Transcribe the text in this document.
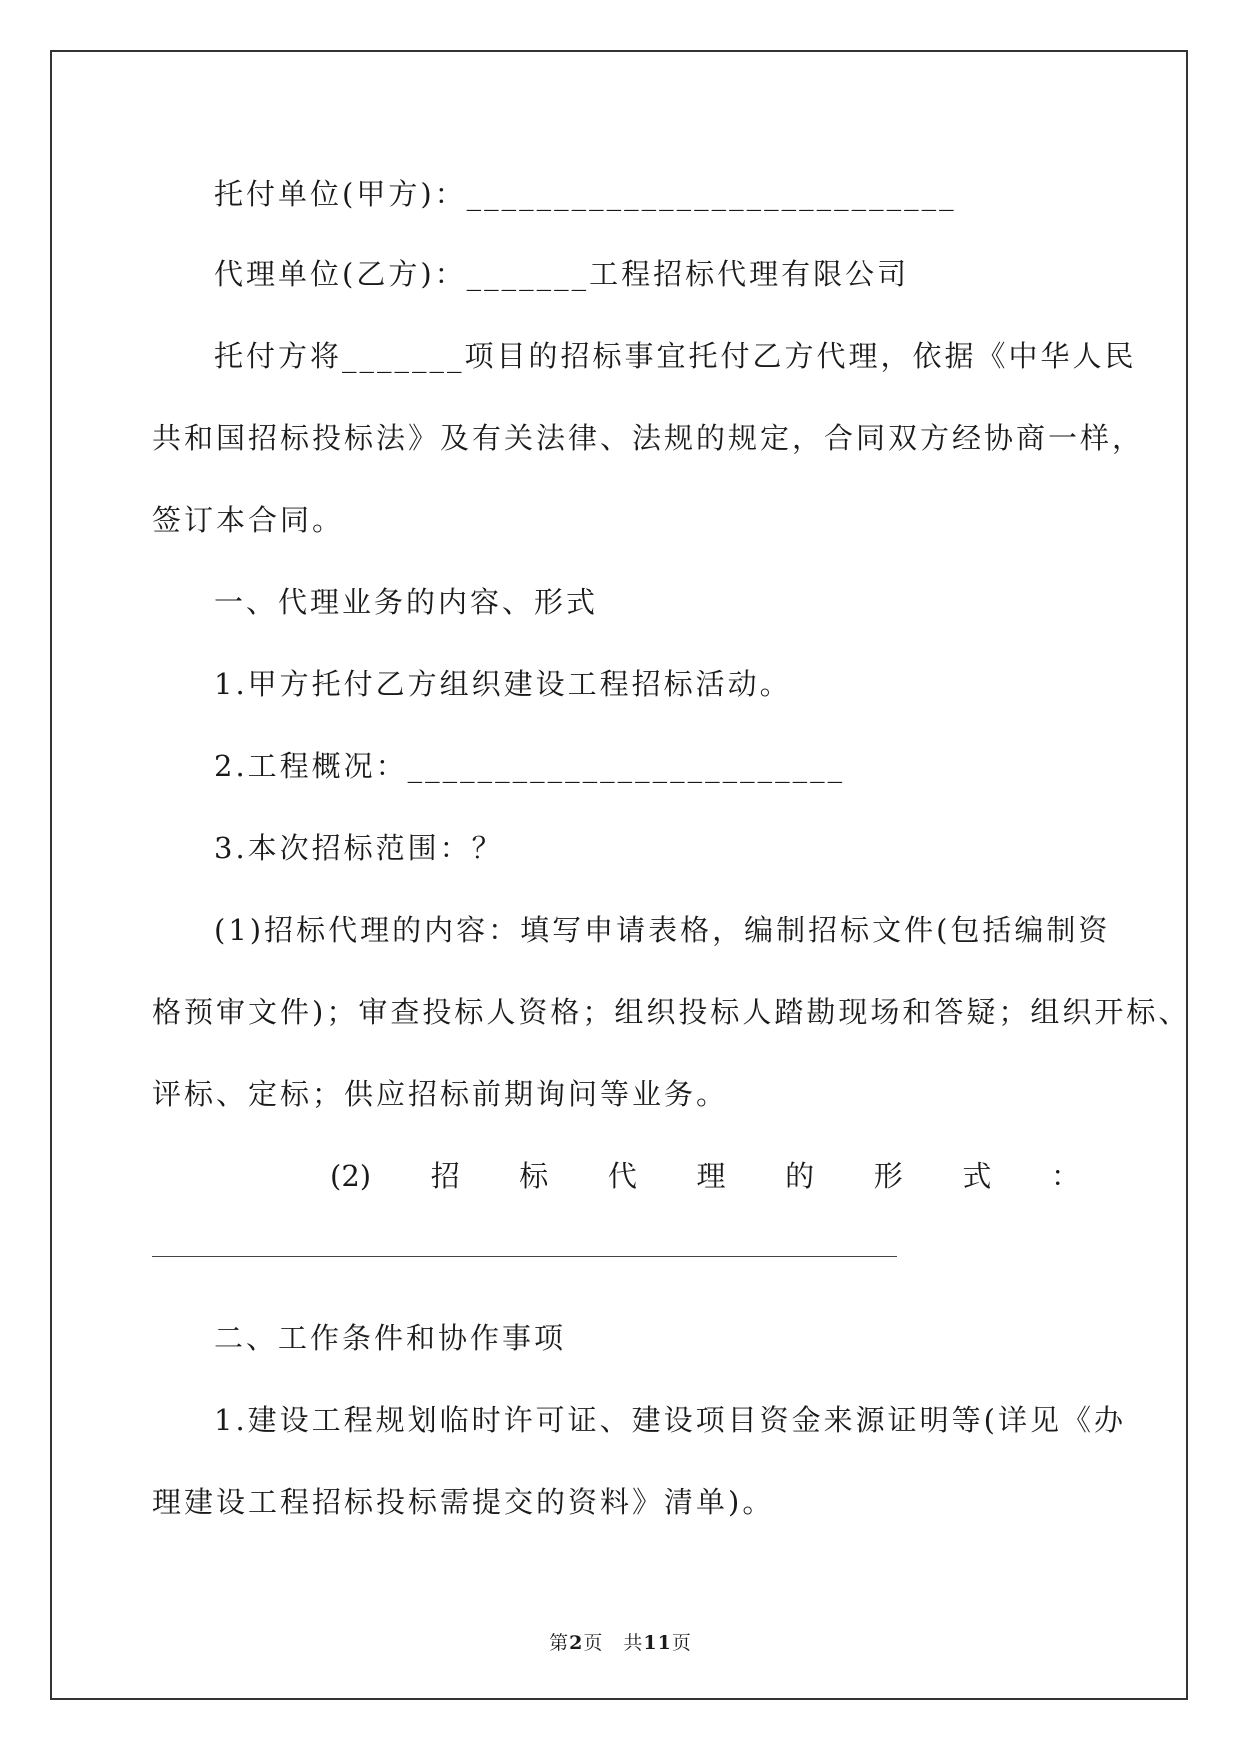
托付单位(甲方)：____________________________
代理单位(乙方)：_______工程招标代理有限公司
托付方将_______项目的招标事宜托付乙方代理，依据《中华人民
共和国招标投标法》及有关法律、法规的规定，合同双方经协商一样，
签订本合同。
一、代理业务的内容、形式
1.甲方托付乙方组织建设工程招标活动。
2.工程概况：_________________________
3.本次招标范围：？
(1)招标代理的内容：填写申请表格，编制招标文件(包括编制资
格预审文件)；审查投标人资格；组织投标人踏勘现场和答疑；组织开标、
评标、定标；供应招标前期询问等业务。
(2) 招 标 代 理 的 形 式 ：
二、工作条件和协作事项
1.建设工程规划临时许可证、建设项目资金来源证明等(详见《办
理建设工程招标投标需提交的资料》清单)。
第2页 共11页
